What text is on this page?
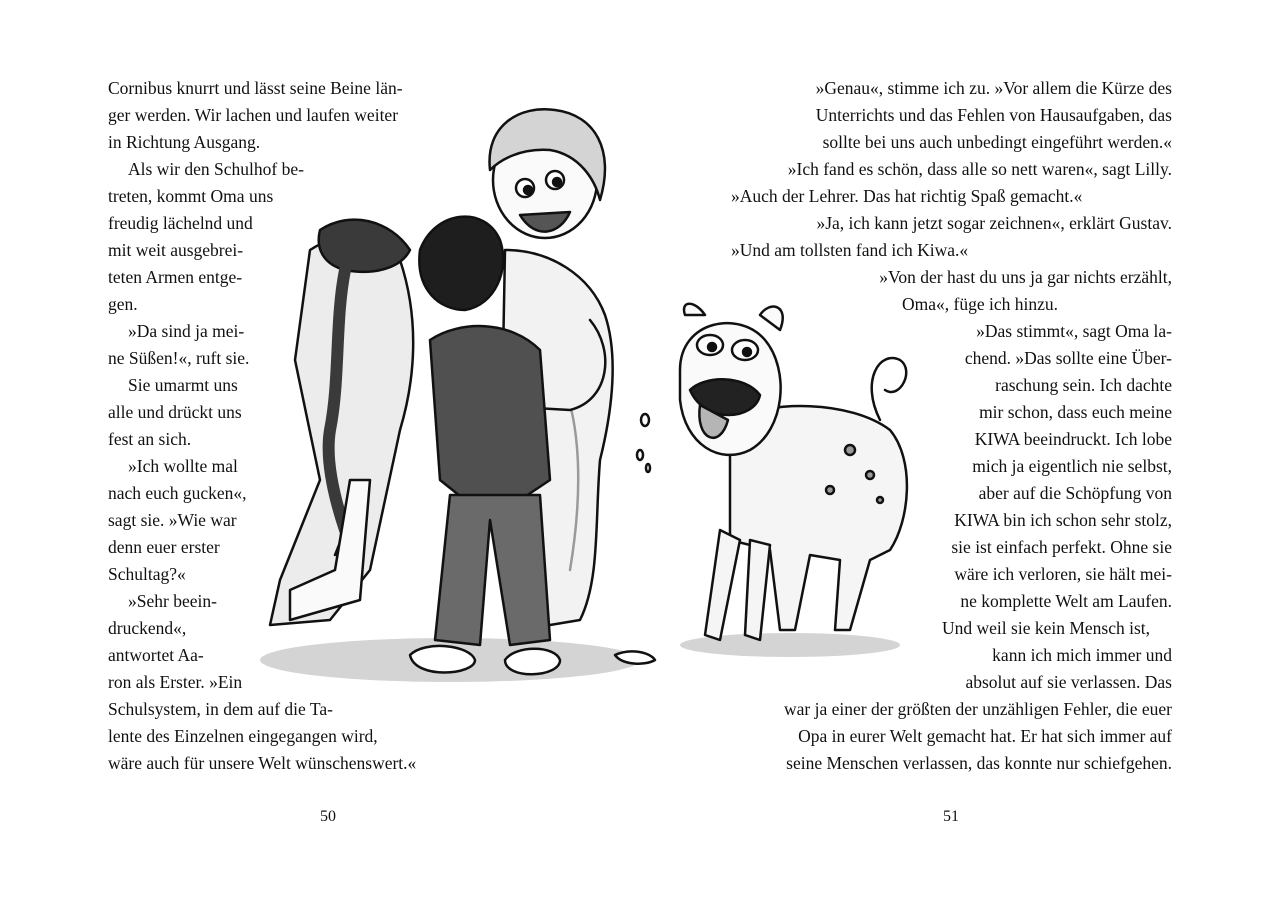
Cornibus knurrt und lässt seine Beine län-
ger werden. Wir lachen und laufen weiter
in Richtung Ausgang.
Als wir den Schulhof be-
treten, kommt Oma uns
freudig lächelnd und
mit weit ausgebrei-
teten Armen entge-
gen.
»Da sind ja mei-
ne Süßen!«, ruft sie.
Sie umarmt uns
alle und drückt uns
fest an sich.
»Ich wollte mal
nach euch gucken«,
sagt sie. »Wie war
denn euer erster
Schultag?«
»Sehr beein-
druckend«,
antwortet Aa-
ron als Erster. »Ein
Schulsystem, in dem auf die Ta-
lente des Einzelnen eingegangen wird,
wäre auch für unsere Welt wünschenswert.«
50
»Genau«, stimme ich zu. »Vor allem die Kürze des
Unterrichts und das Fehlen von Hausaufgaben, das
sollte bei uns auch unbedingt eingeführt werden.«
»Ich fand es schön, dass alle so nett waren«, sagt Lilly.
»Auch der Lehrer. Das hat richtig Spaß gemacht.«
»Ja, ich kann jetzt sogar zeichnen«, erklärt Gustav.
»Und am tollsten fand ich Kiwa.«
»Von der hast du uns ja gar nichts erzählt,
Oma«, füge ich hinzu.
»Das stimmt«, sagt Oma la-
chend. »Das sollte eine Über-
raschung sein. Ich dachte
mir schon, dass euch meine
KIWA beeindruckt. Ich lobe
mich ja eigentlich nie selbst,
aber auf die Schöpfung von
KIWA bin ich schon sehr stolz,
sie ist einfach perfekt. Ohne sie
wäre ich verloren, sie hält mei-
ne komplette Welt am Laufen.
Und weil sie kein Mensch ist,
kann ich mich immer und
absolut auf sie verlassen. Das
war ja einer der größten der unzähligen Fehler, die euer
Opa in eurer Welt gemacht hat. Er hat sich immer auf
seine Menschen verlassen, das konnte nur schiefgehen.
51
